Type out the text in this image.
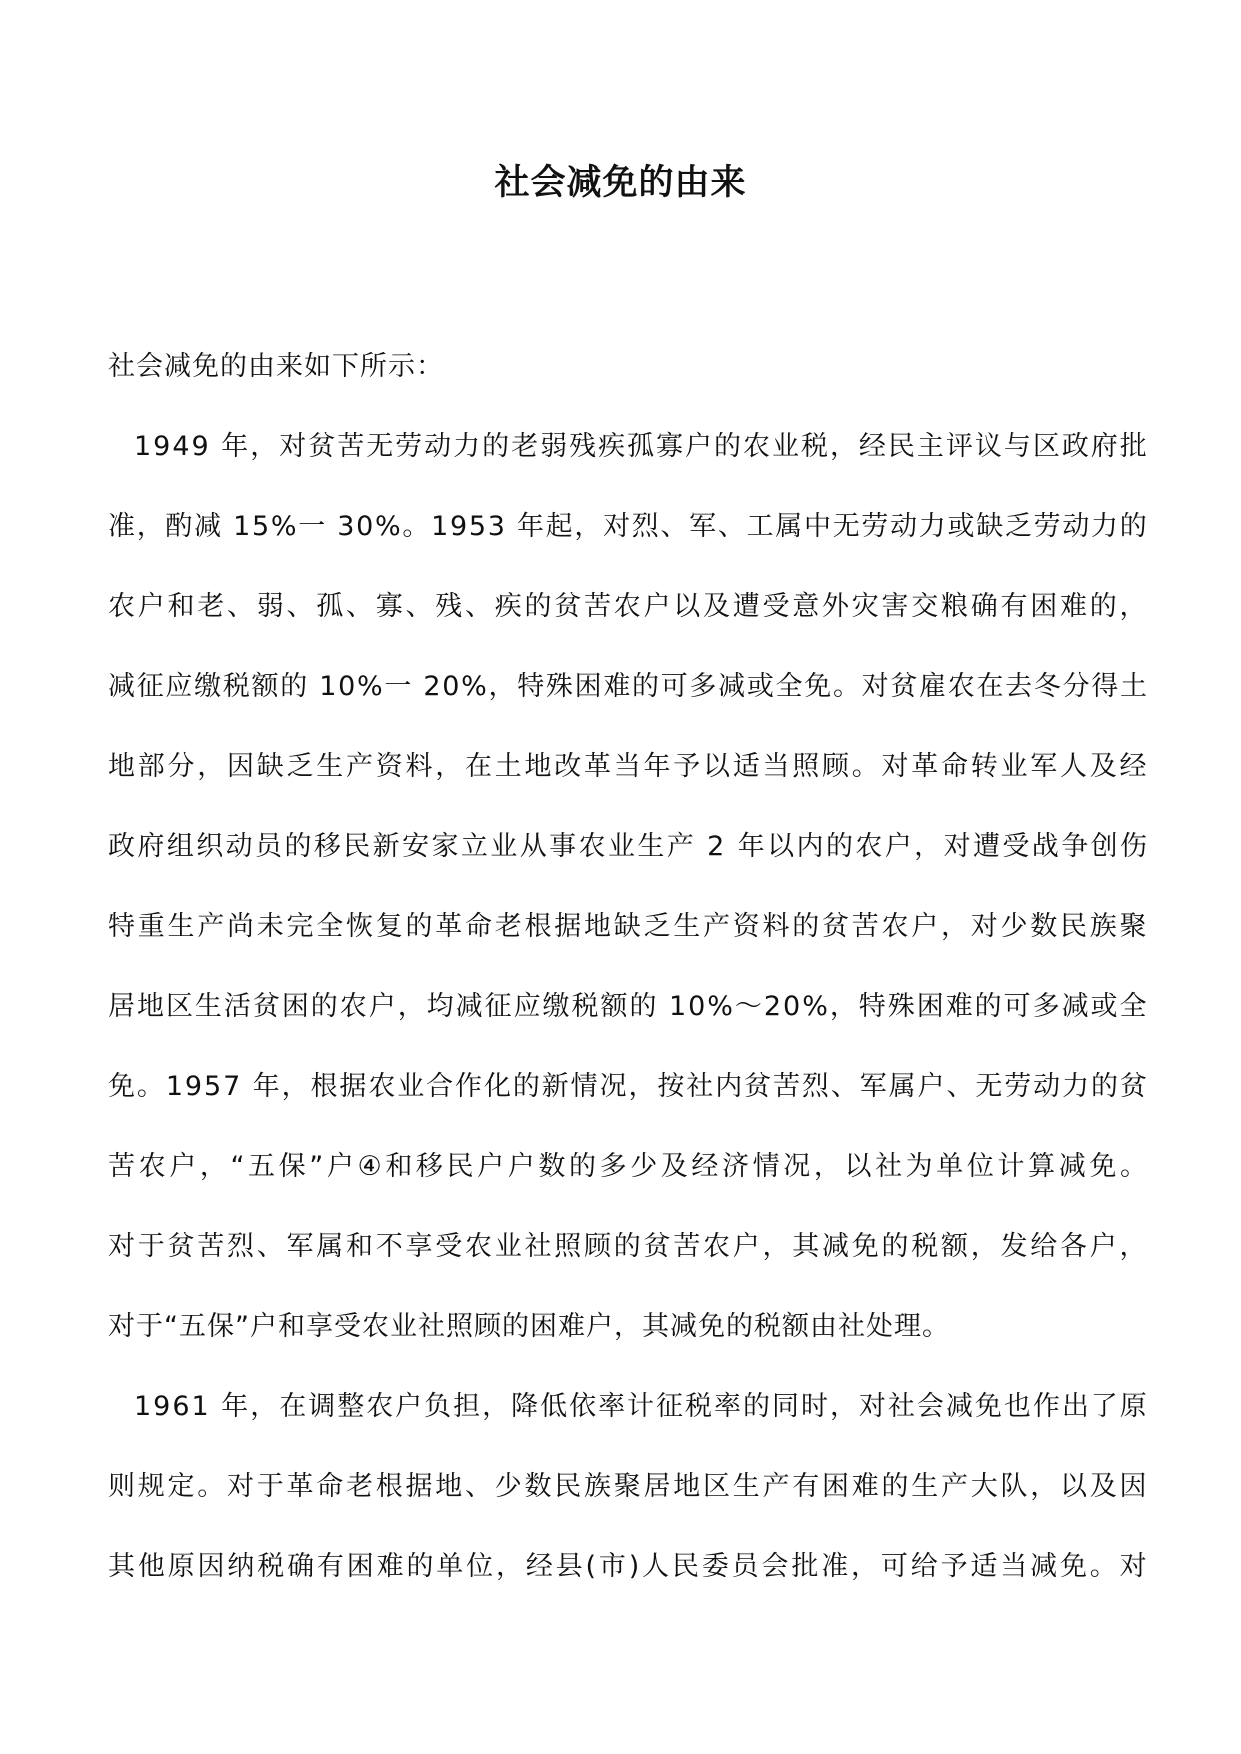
社会减免的由来
社会减免的由来如下所示：
1 9 4 9
年 ， 对 贫 苦 无 劳 动 力 的 老 弱 残 疾 孤 寡 户 的 农 业 税 ， 经 民 主 评 议 与 区 政 府 批
准 ， 酌 减
1 5 % 一
3 0 % 。 1 9 5 3
年 起 ， 对 烈 、 军 、 工 属 中 无 劳 动 力 或 缺 乏 劳 动 力 的
农 户 和 老 、 弱 、 孤 、 寡 、 残 、 疾 的 贫 苦 农 户 以 及 遭 受 意 外 灾 害 交 粮 确 有 困 难 的 ，
减 征 应 缴 税 额 的
1 0 % 一
2 0 % ， 特 殊 困 难 的 可 多 减 或 全 免 。 对 贫 雇 农 在 去 冬 分 得 土
地 部 分 ， 因 缺 乏 生 产 资 料 ， 在 土 地 改 革 当 年 予 以 适 当 照 顾 。 对 革 命 转 业 军 人 及 经
政 府 组 织 动 员 的 移 民 新 安 家 立 业 从 事 农 业 生 产
2
年 以 内 的 农 户 ， 对 遭 受 战 争 创 伤
特 重 生 产 尚 未 完 全 恢 复 的 革 命 老 根 据 地 缺 乏 生 产 资 料 的 贫 苦 农 户 ， 对 少 数 民 族 聚
居 地 区 生 活 贫 困 的 农 户 ， 均 减 征 应 缴 税 额 的
1 0 % ～ 2 0 % ， 特 殊 困 难 的 可 多 减 或 全
免 。 1 9 5 7
年 ， 根 据 农 业 合 作 化 的 新 情 况 ， 按 社 内 贫 苦 烈 、 军 属 户 、 无 劳 动 力 的 贫
苦 农 户 ， “ 五 保 ” 户 ④ 和 移 民 户 户 数 的 多 少 及 经 济 情 况 ， 以 社 为 单 位 计 算 减 免 。
对 于 贫 苦 烈 、 军 属 和 不 享 受 农 业 社 照 顾 的 贫 苦 农 户 ， 其 减 免 的 税 额 ， 发 给 各 户 ，
对于“五保”户和享受农业社照顾的困难户，其减免的税额由社处理。
1 9 6 1
年 ， 在 调 整 农 户 负 担 ， 降 低 依 率 计 征 税 率 的 同 时 ， 对 社 会 减 免 也 作 出 了 原
则 规 定 。 对 于 革 命 老 根 据 地 、 少 数 民 族 聚 居 地 区 生 产 有 困 难 的 生 产 大 队 ， 以 及 因
其 他 原 因 纳 税 确 有 困 难 的 单 位 ， 经 县 ( 市 ) 人 民 委 员 会 批 准 ， 可 给 予 适 当 减 免 。 对
